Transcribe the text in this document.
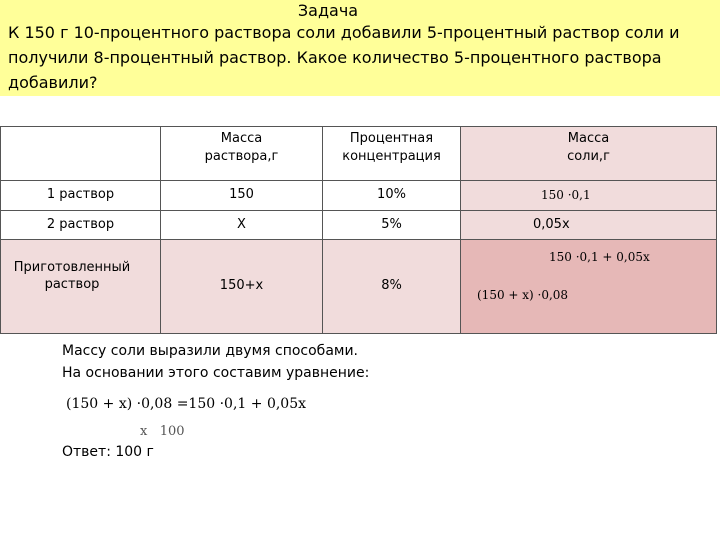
Задача
К 150 г 10-процентного раствора соли добавили 5-процентный раствор соли и получили 8-процентный раствор. Какое количество 5-процентного раствора добавили?

	Масса раствора,г	Процентная концентрация	Масса соли,г

1 раствор	150	10%	150 ·0,1
2 раствор	Х	5%	0,05х

Приготовленный раствор	150+х	8%	150 ·0,1 + 0,05x
(150 + x) ·0,08
Массу соли выразили двумя способами.
На основании этого составим уравнение:
(150 + x) ·0,08 =150 ·0,1 + 0,05x
x   100
Ответ: 100 г
